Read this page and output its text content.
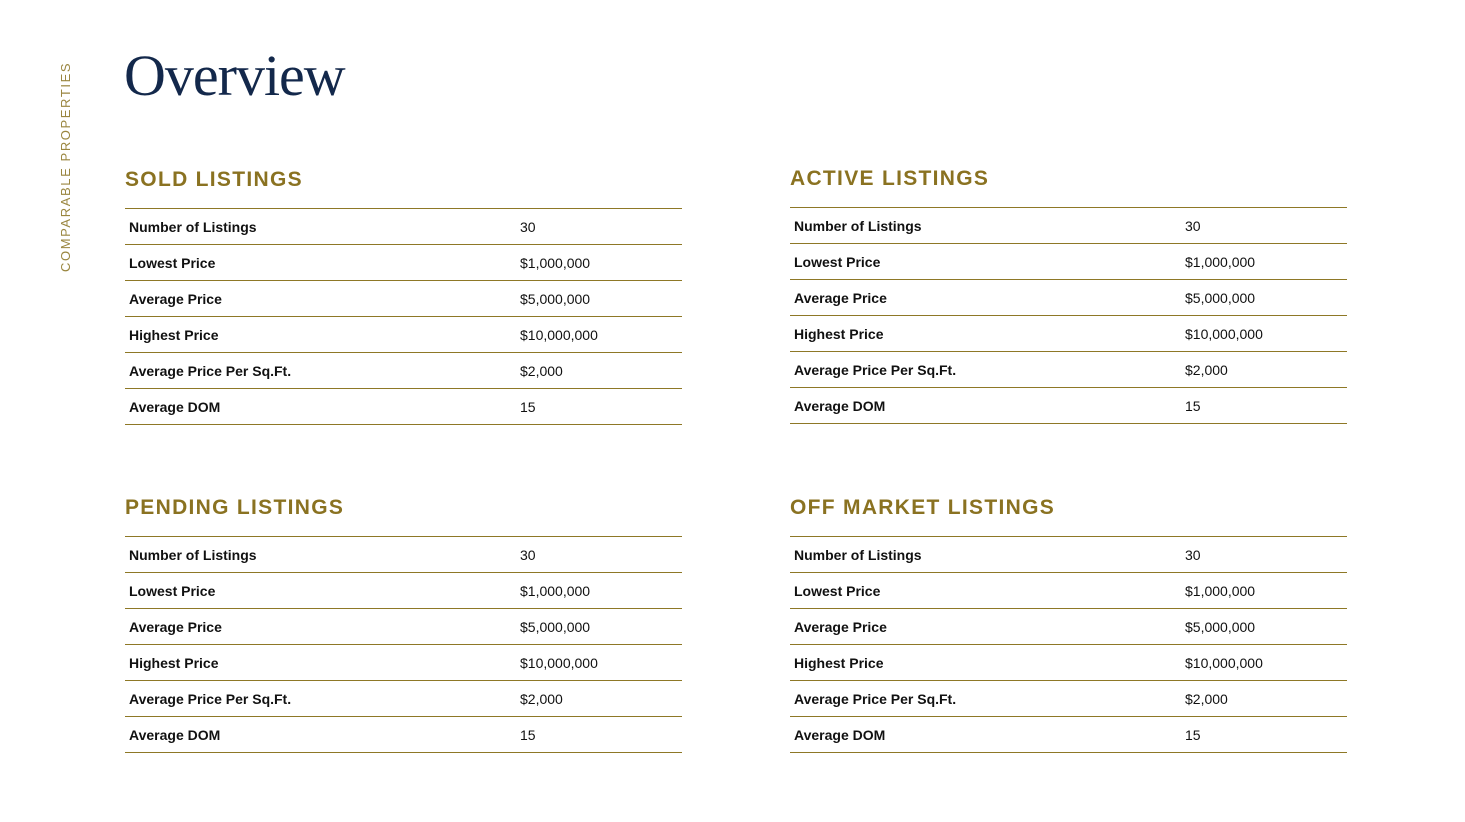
COMPARABLE PROPERTIES Overview
SOLD LISTINGS
Number of Listings	30
Lowest Price	$1,000,000
Average Price	$5,000,000
Highest Price	$10,000,000
Average Price Per Sq.Ft.	$2,000
Average DOM	15
ACTIVE LISTINGS
Number of Listings	30
Lowest Price	$1,000,000
Average Price	$5,000,000
Highest Price	$10,000,000
Average Price Per Sq.Ft.	$2,000
Average DOM	15
PENDING LISTINGS
Number of Listings	30
Lowest Price	$1,000,000
Average Price	$5,000,000
Highest Price	$10,000,000
Average Price Per Sq.Ft.	$2,000
Average DOM	15
OFF MARKET LISTINGS
Number of Listings	30
Lowest Price	$1,000,000
Average Price	$5,000,000
Highest Price	$10,000,000
Average Price Per Sq.Ft.	$2,000
Average DOM	15
